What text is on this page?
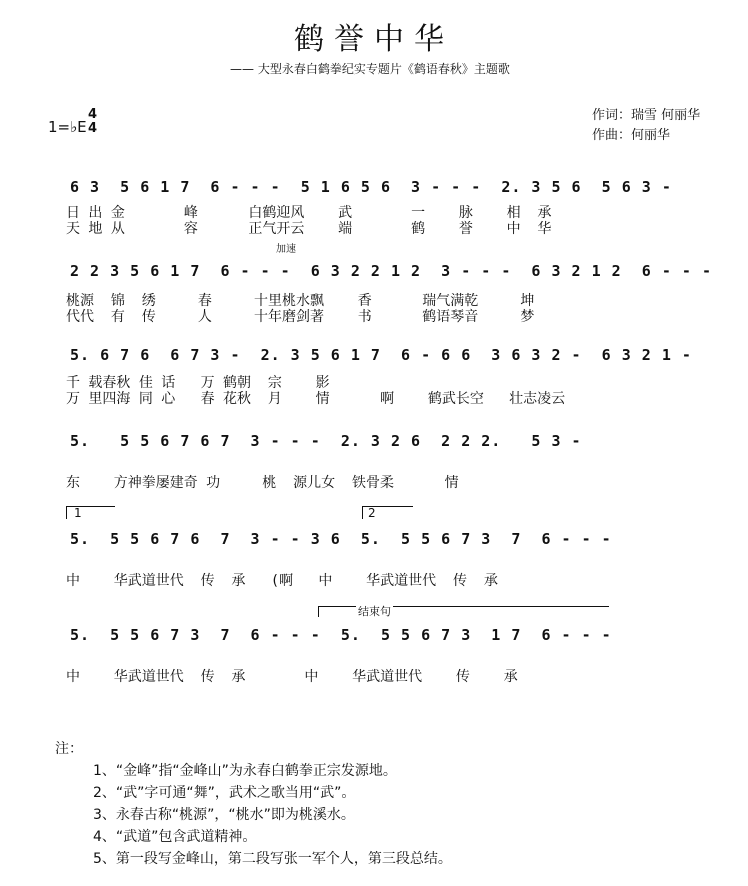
鹤誉中华
—— 大型永春白鹤拳纪实专题片《鹤语春秋》主题歌
1=♭E
4
4
作词：瑞雪 何丽华
作曲：何丽华
6 3  5 6 1 7  6 - - -  5 1 6 5 6  3 - - -  2. 3 5 6  5 6 3 -
日 出 金       峰      白鹤迎风    武       一    脉    相  承
天 地 从       容      正气开云    端       鹤    誉    中  华
加速
2 2 3 5 6 1 7  6 - - -  6 3 2 2 1 2  3 - - -  6 3 2 1 2  6 - - -
桃源  锦  绣     春     十里桃水飘    香      瑞气满乾     坤
代代  有  传     人     十年磨剑著    书      鹤语琴音     梦
5. 6 7 6  6 7 3 -  2. 3 5 6 1 7  6 - 6 6  3 6 3 2 -  6 3 2 1 -
千 载春秋 佳 话   万 鹤朝  宗    影
万 里四海 同 心   春 花秋  月    情      啊    鹤武长空   壮志凌云
5.   5 5 6 7 6 7  3 - - -  2. 3 2 6  2 2 2.   5 3 -
东    方神拳屡建奇 功     桃  源儿女  铁骨柔      情
1	2
5.  5 5 6 7 6  7  3 - - 3 6  5.  5 5 6 7 3  7  6 - - -
中    华武道世代  传  承   (啊   中    华武道世代  传  承
结束句
5.  5 5 6 7 3  7  6 - - -  5.  5 5 6 7 3  1 7  6 - - -
中    华武道世代  传  承       中    华武道世代    传    承
注：
1、“金峰”指“金峰山”为永春白鹤拳正宗发源地。
2、“武”字可通“舞”，武术之歌当用“武”。
3、永春古称“桃源”，“桃水”即为桃溪水。
4、“武道”包含武道精神。
5、第一段写金峰山，第二段写张一军个人，第三段总结。
